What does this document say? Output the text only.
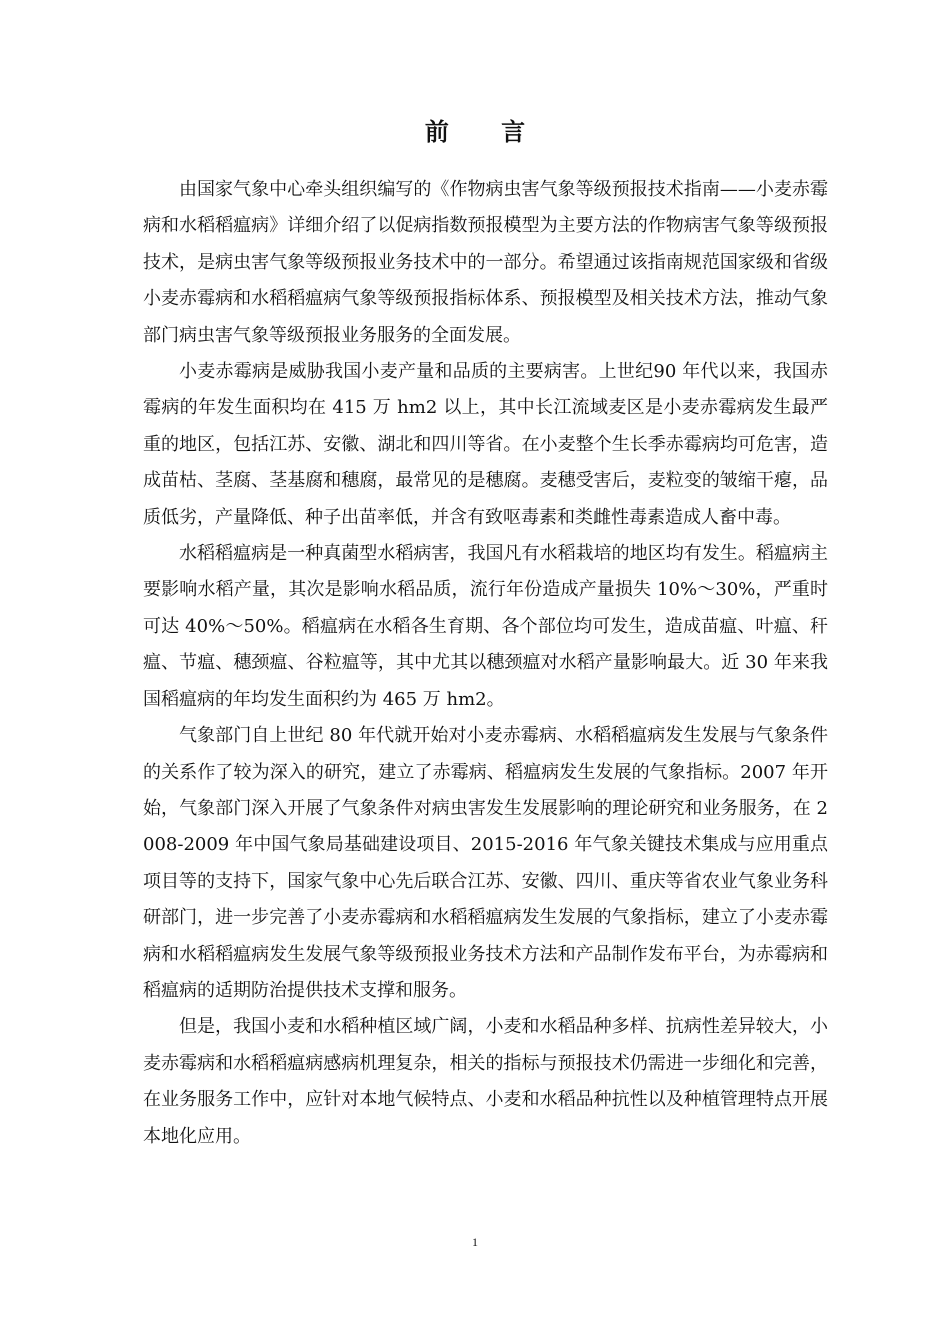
前 言

由国家气象中心牵头组织编写的《作物病虫害气象等级预报技术指南——小麦赤霉病和水稻稻瘟病》详细介绍了以促病指数预报模型为主要方法的作物病害气象等级预报技术，是病虫害气象等级预报业务技术中的一部分。希望通过该指南规范国家级和省级小麦赤霉病和水稻稻瘟病气象等级预报指标体系、预报模型及相关技术方法，推动气象部门病虫害气象等级预报业务服务的全面发展。

小麦赤霉病是威胁我国小麦产量和品质的主要病害。上世纪90 年代以来，我国赤霉病的年发生面积均在 415 万 hm2 以上，其中长江流域麦区是小麦赤霉病发生最严重的地区，包括江苏、安徽、湖北和四川等省。在小麦整个生长季赤霉病均可危害，造成苗枯、茎腐、茎基腐和穗腐，最常见的是穗腐。麦穗受害后，麦粒变的皱缩干瘪，品质低劣，产量降低、种子出苗率低，并含有致呕毒素和类雌性毒素造成人畜中毒。

水稻稻瘟病是一种真菌型水稻病害，我国凡有水稻栽培的地区均有发生。稻瘟病主要影响水稻产量，其次是影响水稻品质，流行年份造成产量损失 10%～30%，严重时可达 40%～50%。稻瘟病在水稻各生育期、各个部位均可发生，造成苗瘟、叶瘟、秆瘟、节瘟、穗颈瘟、谷粒瘟等，其中尤其以穗颈瘟对水稻产量影响最大。近 30 年来我国稻瘟病的年均发生面积约为 465 万 hm2。

气象部门自上世纪 80 年代就开始对小麦赤霉病、水稻稻瘟病发生发展与气象条件的关系作了较为深入的研究，建立了赤霉病、稻瘟病发生发展的气象指标。2007 年开始，气象部门深入开展了气象条件对病虫害发生发展影响的理论研究和业务服务，在 2008-2009 年中国气象局基础建设项目、2015-2016 年气象关键技术集成与应用重点项目等的支持下，国家气象中心先后联合江苏、安徽、四川、重庆等省农业气象业务科研部门，进一步完善了小麦赤霉病和水稻稻瘟病发生发展的气象指标，建立了小麦赤霉病和水稻稻瘟病发生发展气象等级预报业务技术方法和产品制作发布平台，为赤霉病和稻瘟病的适期防治提供技术支撑和服务。

但是，我国小麦和水稻种植区域广阔，小麦和水稻品种多样、抗病性差异较大，小麦赤霉病和水稻稻瘟病感病机理复杂，相关的指标与预报技术仍需进一步细化和完善，在业务服务工作中，应针对本地气候特点、小麦和水稻品种抗性以及种植管理特点开展本地化应用。

1
